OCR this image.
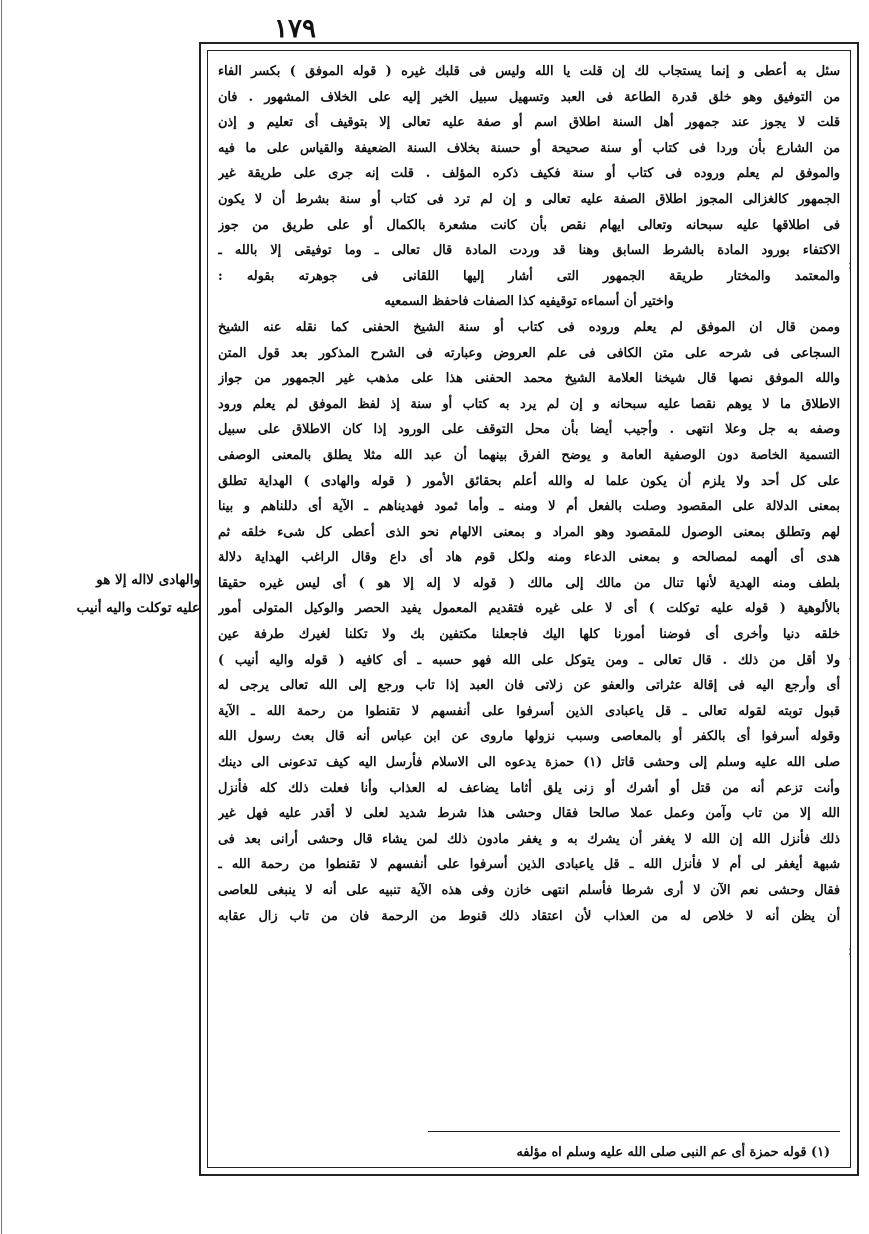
١٧٩
والهادى لااله إلا هو
عليه توكلت واليه أنيب
؛
·
؛
سئل به أعطى و إنما يستجاب لك إن قلت يا الله وليس فى قلبك غيره ( قوله الموفق ) بكسر الفاء
من التوفيق وهو خلق قدرة الطاعة فى العبد وتسهيل سبيل الخير إليه على الخلاف المشهور . فان
قلت لا يجوز عند جمهور أهل السنة اطلاق اسم أو صفة عليه تعالى إلا بتوقيف أى تعليم و إذن
من الشارع بأن وردا فى كتاب أو سنة صحيحة أو حسنة بخلاف السنة الضعيفة والقياس على ما فيه
والموفق لم يعلم وروده فى كتاب أو سنة فكيف ذكره المؤلف . قلت إنه جرى على طريقة غير
الجمهور كالغزالى المجوز اطلاق الصفة عليه تعالى و إن لم ترد فى كتاب أو سنة بشرط أن لا يكون
فى اطلاقها عليه سبحانه وتعالى ايهام نقص بأن كانت مشعرة بالكمال أو على طريق من جوز
الاكتفاء بورود المادة بالشرط السابق وهنا قد وردت المادة قال تعالى ـ وما توفيقى إلا بالله ـ
والمعتمد والمختار طريقة الجمهور التى أشار إليها اللقانى فى جوهرته بقوله :
واختير أن أسماءه توقيفيه كذا الصفات فاحفظ السمعيه
وممن قال ان الموفق لم يعلم وروده فى كتاب أو سنة الشيخ الحفنى كما نقله عنه الشيخ
السجاعى فى شرحه على متن الكافى فى علم العروض وعبارته فى الشرح المذكور بعد قول المتن
والله الموفق نصها قال شيخنا العلامة الشيخ محمد الحفنى هذا على مذهب غير الجمهور من جواز
الاطلاق ما لا يوهم نقصا عليه سبحانه و إن لم يرد به كتاب أو سنة إذ لفظ الموفق لم يعلم ورود
وصفه به جل وعلا انتهى . وأجيب أيضا بأن محل التوقف على الورود إذا كان الاطلاق على سبيل
التسمية الخاصة دون الوصفية العامة و يوضح الفرق بينهما أن عبد الله مثلا يطلق بالمعنى الوصفى
على كل أحد ولا يلزم أن يكون علما له والله أعلم بحقائق الأمور ( قوله والهادى ) الهداية تطلق
بمعنى الدلالة على المقصود وصلت بالفعل أم لا ومنه ـ وأما ثمود فهديناهم ـ الآية أى دللناهم و بينا
لهم وتطلق بمعنى الوصول للمقصود وهو المراد و بمعنى الالهام نحو الذى أعطى كل شىء خلقه ثم
هدى أى ألهمه لمصالحه و بمعنى الدعاء ومنه ولكل قوم هاد أى داع وقال الراغب الهداية دلالة
بلطف ومنه الهدية لأنها تنال من مالك إلى مالك ( قوله لا إله إلا هو ) أى ليس غيره حقيقا
بالألوهية ( قوله عليه توكلت ) أى لا على غيره فتقديم المعمول يفيد الحصر والوكيل المتولى أمور
خلقه دنيا وأخرى أى فوضنا أمورنا كلها اليك فاجعلنا مكتفين بك ولا تكلنا لغيرك طرفة عين
ولا أقل من ذلك . قال تعالى ـ ومن يتوكل على الله فهو حسبه ـ أى كافيه ( قوله واليه أنيب )
أى وأرجع اليه فى إقالة عثراتى والعفو عن زلاتى فان العبد إذا تاب ورجع إلى الله تعالى يرجى له
قبول توبته لقوله تعالى ـ قل ياعبادى الذين أسرفوا على أنفسهم لا تقنطوا من رحمة الله ـ الآية
وقوله أسرفوا أى بالكفر أو بالمعاصى وسبب نزولها ماروى عن ابن عباس أنه قال بعث رسول الله
صلى الله عليه وسلم إلى وحشى قاتل (١) حمزة يدعوه الى الاسلام فأرسل اليه كيف تدعونى الى دينك
وأنت تزعم أنه من قتل أو أشرك أو زنى يلق أثاما يضاعف له العذاب وأنا فعلت ذلك كله فأنزل
الله إلا من تاب وآمن وعمل عملا صالحا فقال وحشى هذا شرط شديد لعلى لا أقدر عليه فهل غير
ذلك فأنزل الله إن الله لا يغفر أن يشرك به و يغفر مادون ذلك لمن يشاء قال وحشى أرانى بعد فى
شبهة أيغفر لى أم لا فأنزل الله ـ قل ياعبادى الذين أسرفوا على أنفسهم لا تقنطوا من رحمة الله ـ
فقال وحشى نعم الآن لا أرى شرطا فأسلم انتهى خازن وفى هذه الآية تنبيه على أنه لا ينبغى للعاصى
أن يظن أنه لا خلاص له من العذاب لأن اعتقاد ذلك قنوط من الرحمة فان من تاب زال عقابه
(١) قوله حمزة أى عم النبى صلى الله عليه وسلم اه مؤلفه
